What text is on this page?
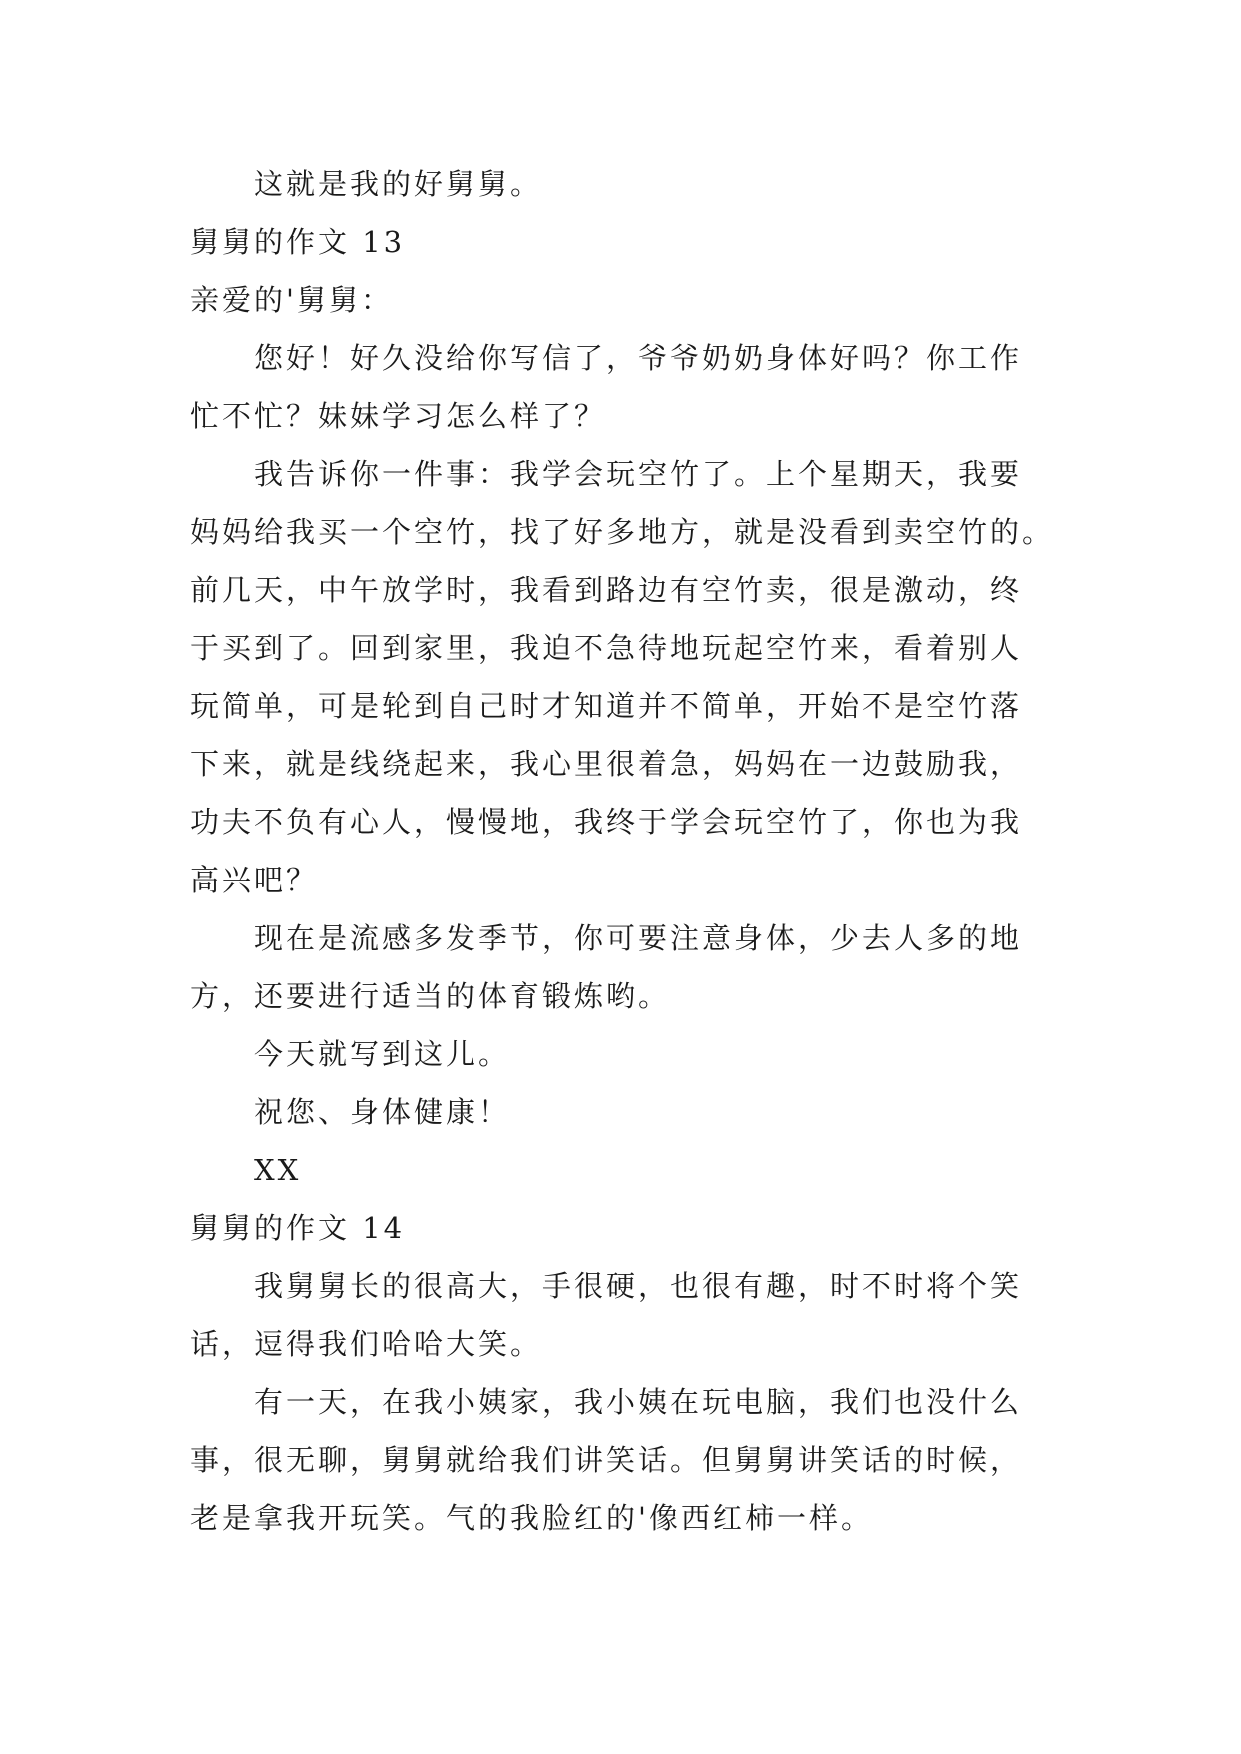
这就是我的好舅舅。
舅舅的作文 13
亲爱的'舅舅：
您好！好久没给你写信了，爷爷奶奶身体好吗？你工作
忙不忙？妹妹学习怎么样了？
我告诉你一件事：我学会玩空竹了。上个星期天，我要
妈妈给我买一个空竹，找了好多地方，就是没看到卖空竹的。
前几天，中午放学时，我看到路边有空竹卖，很是激动，终
于买到了。回到家里，我迫不急待地玩起空竹来，看着别人
玩简单，可是轮到自己时才知道并不简单，开始不是空竹落
下来，就是线绕起来，我心里很着急，妈妈在一边鼓励我，
功夫不负有心人，慢慢地，我终于学会玩空竹了，你也为我
高兴吧？
现在是流感多发季节，你可要注意身体，少去人多的地
方，还要进行适当的体育锻炼哟。
今天就写到这儿。
祝您、身体健康！
XX
舅舅的作文 14
我舅舅长的很高大，手很硬，也很有趣，时不时将个笑
话，逗得我们哈哈大笑。
有一天，在我小姨家，我小姨在玩电脑，我们也没什么
事，很无聊，舅舅就给我们讲笑话。但舅舅讲笑话的时候，
老是拿我开玩笑。气的我脸红的'像西红柿一样。
